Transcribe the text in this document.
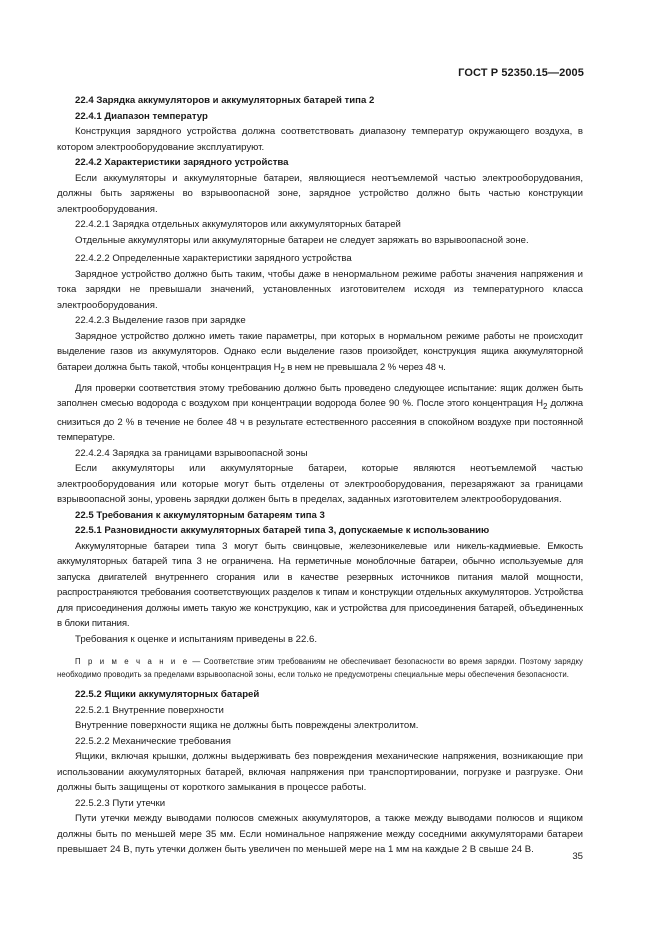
ГОСТ Р 52350.15—2005

22.4 Зарядка аккумуляторов и аккумуляторных батарей типа 2

22.4.1 Диапазон температур

Конструкция зарядного устройства должна соответствовать диапазону температур окружающего воздуха, в котором электрооборудование эксплуатируют.

22.4.2 Характеристики зарядного устройства

Если аккумуляторы и аккумуляторные батареи, являющиеся неотъемлемой частью электрооборудования, должны быть заряжены во взрывоопасной зоне, зарядное устройство должно быть частью конструкции электрооборудования.

22.4.2.1 Зарядка отдельных аккумуляторов или аккумуляторных батарей

Отдельные аккумуляторы или аккумуляторные батареи не следует заряжать во взрывоопасной зоне.

22.4.2.2 Определенные характеристики зарядного устройства

Зарядное устройство должно быть таким, чтобы даже в ненормальном режиме работы значения напряжения и тока зарядки не превышали значений, установленных изготовителем исходя из температурного класса электрооборудования.

22.4.2.3 Выделение газов при зарядке

Зарядное устройство должно иметь такие параметры, при которых в нормальном режиме работы не происходит выделение газов из аккумуляторов. Однако если выделение газов произойдет, конструкция ящика аккумуляторной батареи должна быть такой, чтобы концентрация $H_2$ в нем не превышала 2 % через 48 ч.

Для проверки соответствия этому требованию должно быть проведено следующее испытание: ящик должен быть заполнен смесью водорода с воздухом при концентрации водорода более 90 %. После этого концентрация $H_2$ должна снизиться до 2 % в течение не более 48 ч в результате естественного рассеяния в спокойном воздухе при постоянной температуре.

22.4.2.4 Зарядка за границами взрывоопасной зоны

Если аккумуляторы или аккумуляторные батареи, которые являются неотъемлемой частью электрооборудования или которые могут быть отделены от электрооборудования, перезаряжают за границами взрывоопасной зоны, уровень зарядки должен быть в пределах, заданных изготовителем электрооборудования.

22.5 Требования к аккумуляторным батареям типа 3

22.5.1 Разновидности аккумуляторных батарей типа 3, допускаемые к использованию

Аккумуляторные батареи типа 3 могут быть свинцовые, железоникелевые или никель-кадмиевые. Емкость аккумуляторных батарей типа 3 не ограничена. На герметичные моноблочные батареи, обычно используемые для запуска двигателей внутреннего сгорания или в качестве резервных источников питания малой мощности, распространяются требования соответствующих разделов к типам и конструкции отдельных аккумуляторов. Устройства для присоединения должны иметь такую же конструкцию, как и устройства для присоединения батарей, объединенных в блоки питания.

Требования к оценке и испытаниям приведены в 22.6.

П р и м е ч а н и е — Соответствие этим требованиям не обеспечивает безопасности во время зарядки. Поэтому зарядку необходимо проводить за пределами взрывоопасной зоны, если только не предусмотрены специальные меры обеспечения безопасности.

22.5.2 Ящики аккумуляторных батарей

22.5.2.1 Внутренние поверхности

Внутренние поверхности ящика не должны быть повреждены электролитом.

22.5.2.2 Механические требования

Ящики, включая крышки, должны выдерживать без повреждения механические напряжения, возникающие при использовании аккумуляторных батарей, включая напряжения при транспортировании, погрузке и разгрузке. Они должны быть защищены от короткого замыкания в процессе работы.

22.5.2.3 Пути утечки

Пути утечки между выводами полюсов смежных аккумуляторов, а также между выводами полюсов и ящиком должны быть по меньшей мере 35 мм. Если номинальное напряжение между соседними аккумуляторами батареи превышает 24 В, путь утечки должен быть увеличен по меньшей мере на 1 мм на каждые 2 В свыше 24 В.

35
